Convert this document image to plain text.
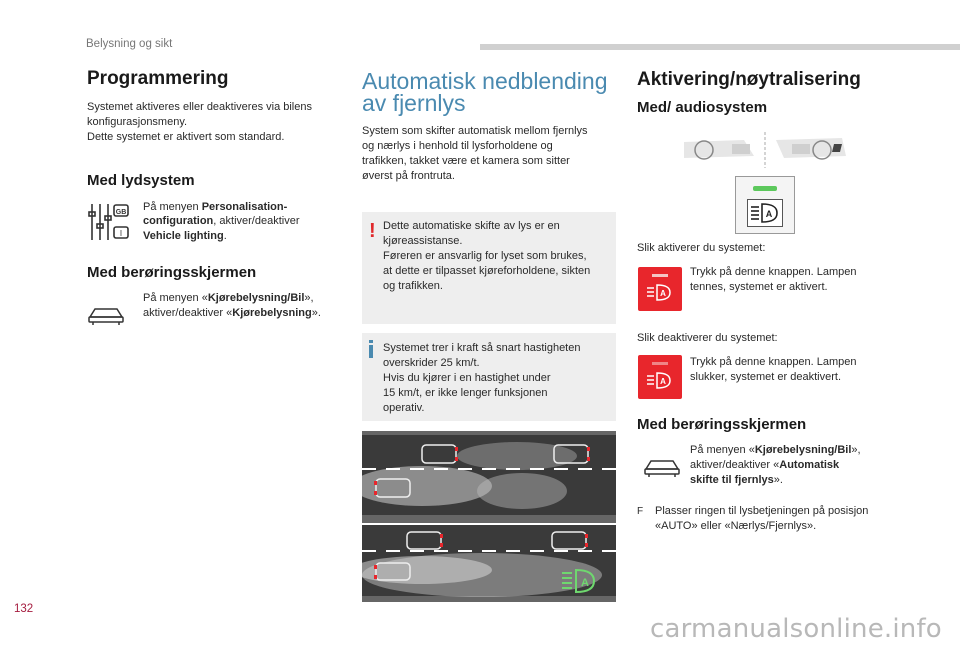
Belysning og sikt
Programmering
Systemet aktiveres eller deaktiveres via bilens
konfigurasjonsmeny.
Dette systemet er aktivert som standard.
Med lydsystem
GB
I
På menyen Personalisation-
configuration, aktiver/deaktiver
Vehicle lighting.
Med berøringsskjermen
På menyen «Kjørebelysning/Bil»,
aktiver/deaktiver «Kjørebelysning».
Automatisk nedblending
av fjernlys
System som skifter automatisk mellom fjernlys
og nærlys i henhold til lysforholdene og
trafikken, takket være et kamera som sitter
øverst på frontruta.
! Dette automatiske skifte av lys er en
kjøreassistanse.
Føreren er ansvarlig for lyset som brukes,
at dette er tilpasset kjøreforholdene, sikten
og trafikken.
Systemet trer i kraft så snart hastigheten
overskrider 25 km/t.
Hvis du kjører i en hastighet under
15 km/t, er ikke lenger funksjonen
operativ.
A
Aktivering/nøytralisering
Med/ audiosystem
A
Slik aktiverer du systemet:
A
Trykk på denne knappen. Lampen
tennes, systemet er aktivert.
Slik deaktiverer du systemet:
A
Trykk på denne knappen. Lampen
slukker, systemet er deaktivert.
Med berøringsskjermen
På menyen «Kjørebelysning/Bil»,
aktiver/deaktiver «Automatisk
skifte til fjernlys».
F Plasser ringen til lysbetjeningen på posisjon
«AUTO» eller «Nærlys/Fjernlys».
132
carmanualsonline.info
